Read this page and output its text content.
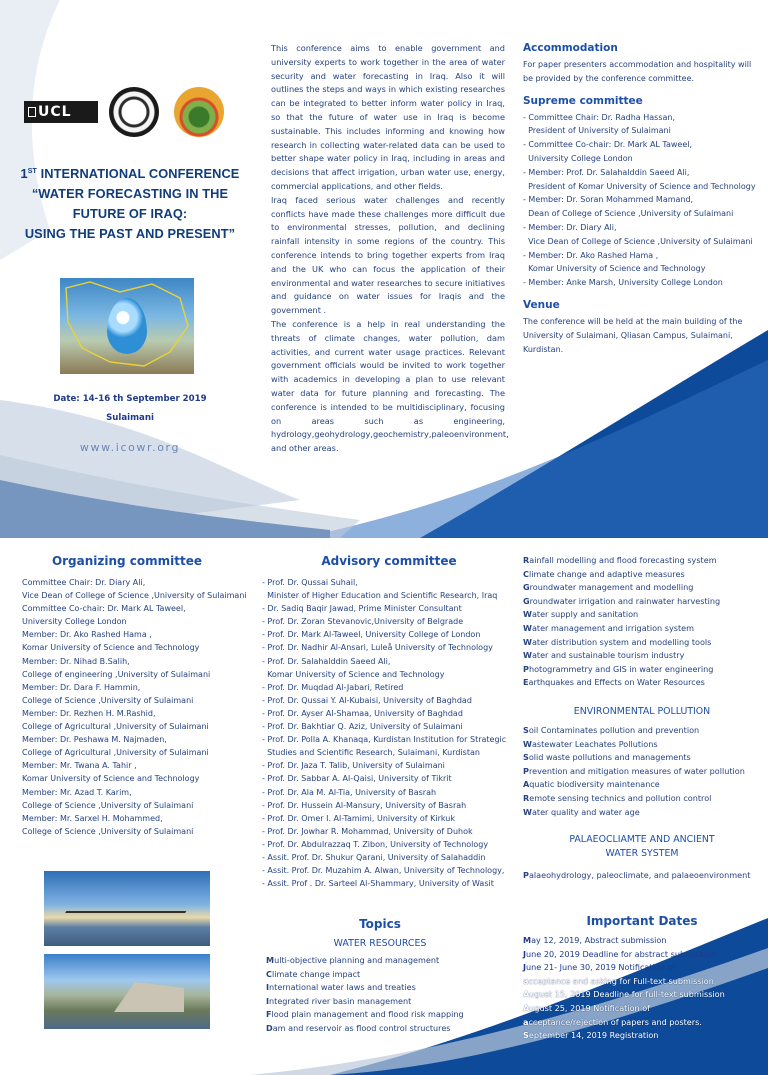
UCL
1ST INTERNATIONAL CONFERENCE
“WATER FORECASTING IN THE FUTURE OF IRAQ:
USING THE PAST AND PRESENT”
Date: 14-16 th September 2019
Sulaimani
www.icowr.org

This conference aims to enable government and university experts to work together in the area of water security and water forecasting in Iraq. Also it will outlines the steps and ways in which existing researches can be integrated to better inform water policy in Iraq, so that the future of water use in Iraq is become sustainable. This includes informing and knowing how research in collecting water-related data can be used to better shape water policy in Iraq, including in areas and decisions that affect irrigation, urban water use, energy, commercial applications, and other fields.

Iraq faced serious water challenges and recently conflicts have made these challenges more difficult due to environmental stresses, pollution, and declining rainfall intensity in some regions of the country. This conference intends to bring together experts from Iraq and the UK who can focus the application of their environmental and water researches to secure initiatives and guidance on water issues for Iraqis and the government .

The conference is a help in real understanding the threats of climate changes, water pollution, dam activities, and current water usage practices. Relevant government officials would be invited to work together with academics in developing a plan to use relevant water data for future planning and forecasting. The conference is intended to be multidisciplinary, focusing on areas such as engineering, hydrology,geohydrology,geochemistry,paleoenvironment, and other areas.

Accommodation
For paper presenters accommodation and hospitality will be provided by the conference committee.
Supreme committee
- Committee Chair: Dr. Radha Hassan,
President of University of Sulaimani
- Committee Co-chair: Dr. Mark AL Taweel,
University College London
- Member: Prof. Dr. Salahalddin Saeed Ali,
President of Komar University of Science and Technology
- Member: Dr. Soran Mohammed Mamand,
Dean of College of Science ,University of Sulaimani
- Member: Dr. Diary Ali,
Vice Dean of College of Science ,University of Sulaimani
- Member: Dr. Ako Rashed Hama ,
Komar University of Science and Technology
- Member: Anke Marsh, University College London
Venue
The conference will be held at the main building of the University of Sulaimani, Qliasan Campus, Sulaimani, Kurdistan.
Organizing committee
Committee Chair: Dr. Diary Ali,
Vice Dean of College of Science ,University of Sulaimani
Committee Co-chair: Dr. Mark AL Taweel,
University College London
Member: Dr. Ako Rashed Hama ,
Komar University of Science and Technology
Member: Dr. Nihad B.Salih,
College of engineering ,University of Sulaimani
Member: Dr. Dara F. Hammin,
College of Science ,University of Sulaimani
Member: Dr. Rezhen H. M.Rashid,
College of Agricultural ,University of Sulaimani
Member: Dr. Peshawa M. Najmaden,
College of Agricultural ,University of Sulaimani
Member: Mr. Twana A. Tahir ,
Komar University of Science and Technology
Member: Mr. Azad T. Karim,
College of Science ,University of Sulaimani
Member: Mr. Sarxel H. Mohammed,
College of Science ,University of Sulaimani
Advisory committee
- Prof. Dr. Qussai Suhail,
Minister of Higher Education and Scientific Research, Iraq
- Dr. Sadiq Baqir Jawad, Prime Minister Consultant
- Prof. Dr. Zoran Stevanovic,University of Belgrade
- Prof. Dr. Mark Al-Taweel, University College of London
- Prof. Dr. Nadhir Al-Ansari, Luleå University of Technology
- Prof. Dr. Salahalddin Saeed Ali,
Komar University of Science and Technology
- Prof. Dr. Muqdad Al-Jabari, Retired
- Prof. Dr. Qussai Y. Al-Kubaisi, University of Baghdad
- Prof. Dr. Ayser Al-Shamaa, University of Baghdad
- Prof. Dr. Bakhtiar Q. Aziz, University of Sulaimani
- Prof. Dr. Polla A. Khanaqa, Kurdistan Institution for Strategic
Studies and Scientific Research, Sulaimani, Kurdistan
- Prof. Dr. Jaza T. Talib, University of Sulaimani
- Prof. Dr. Sabbar A. Al-Qaisi, University of Tikrit
- Prof. Dr. Ala M. Al-Tia, University of Basrah
- Prof. Dr. Hussein Al-Mansury, University of Basrah
- Prof. Dr. Omer I. Al-Tamimi, University of Kirkuk
- Prof. Dr. Jowhar R. Mohammad, University of Duhok
- Prof. Dr. Abdulrazzaq T. Zibon, University of Technology
- Assit. Prof. Dr. Shukur Qarani, University of Salahaddin
- Assit. Prof. Dr. Muzahim A. Alwan, University of Technology,
- Assit. Prof . Dr. Sarteel Al-Shammary, University of Wasit
Topics
WATER RESOURCES
Multi-objective planning and management
Climate change impact
International water laws and treaties
Integrated river basin management
Flood plain management and flood risk mapping
Dam and reservoir as flood control structures
Rainfall modelling and flood forecasting system
Climate change and adaptive measures
Groundwater management and modelling
Groundwater irrigation and rainwater harvesting
Water supply and sanitation
Water management and irrigation system
Water distribution system and modelling tools
Water and sustainable tourism industry
Photogrammetry and GIS in water engineering
Earthquakes and Effects on Water Resources
ENVIRONMENTAL POLLUTION
Soil Contaminates pollution and prevention
Wastewater Leachates Pollutions
Solid waste pollutions and managements
Prevention and mitigation measures of water pollution
Aquatic biodiversity maintenance
Remote sensing technics and pollution control
Water quality and water age
PALAEOCLIAMTE AND ANCIENT
WATER SYSTEM
Palaeohydrology, paleoclimate, and palaeoenvironment
Important Dates
May 12, 2019, Abstract submission
June 20, 2019 Deadline for abstract submission
June 21- June 30, 2019 Notification of
acceptance and asking for Full-text submission
August 15, 2019 Deadline for full-text submission
August 25, 2019 Notification of
acceptance/rejection of papers and posters.
September 14, 2019 Registration
